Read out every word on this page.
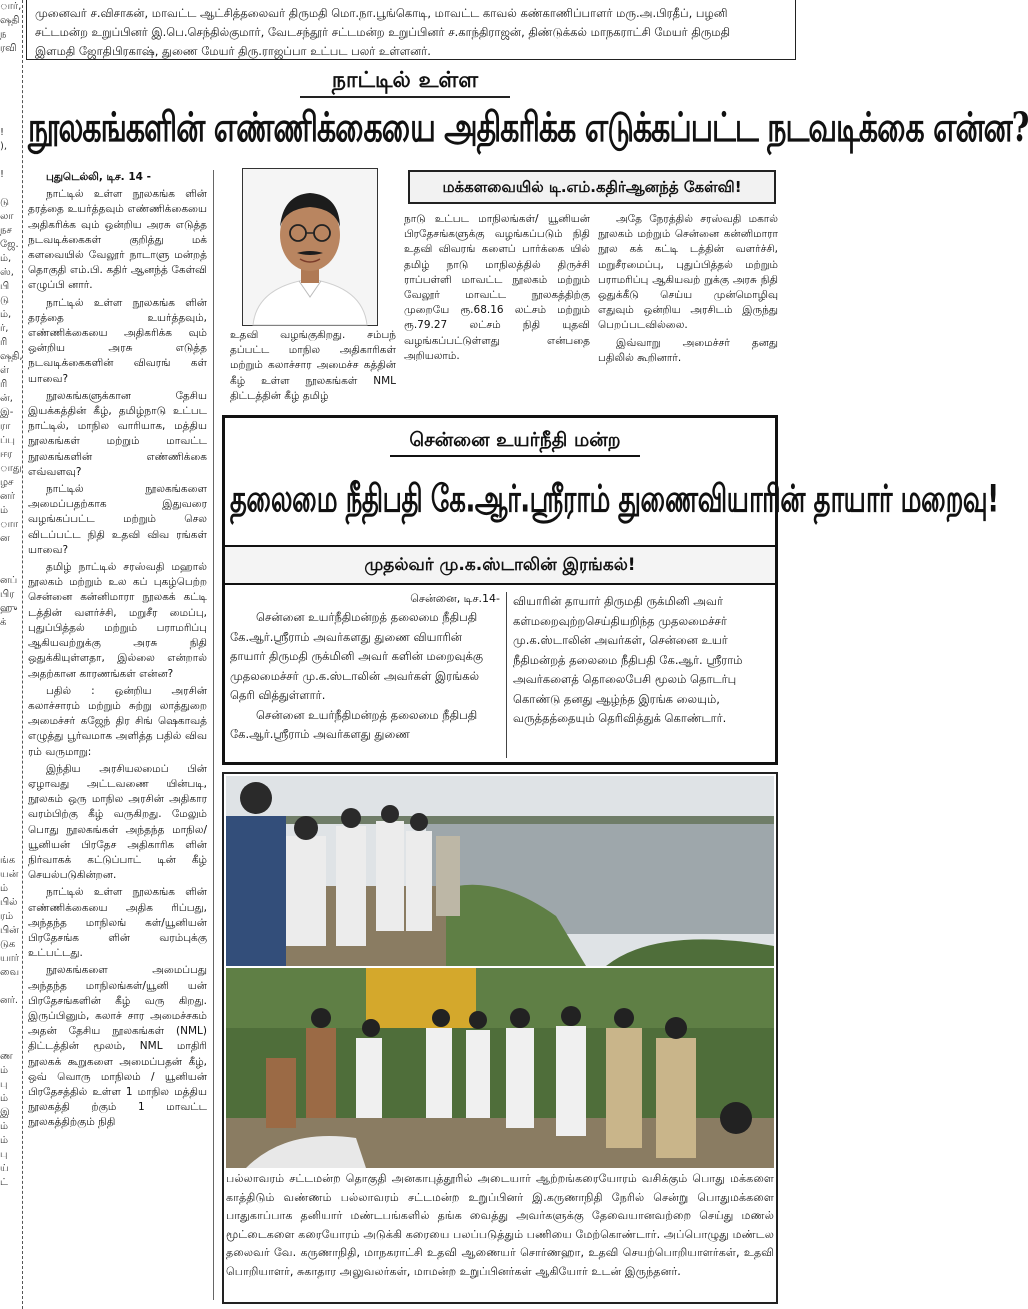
ார்,
ஷதி
ந
ரவி

!
),

!

டு
லா
நச
ஜே.
ம்,
ஸ்,
பி
டு
ம்,
ர்,
ரி
ஷதி,
ள்
ரி
ன்,
இ-
ரா
ப்பு
ஈர
ாது
ழச
னர்
ம்
ாா
ன

னப்
பிர
ஹு
க்

ங்க
யன்
ம்
பில்
ரம்
பின்
டுக
யார்
வை

னர்.

ண
ம்
பு
ம்
இ
ம்
ம்
பு
ய்
ட்
முனைவர் ச.விசாகன், மாவட்ட ஆட்சித்தலைவர் திருமதி மொ.நா.பூங்கொடி, மாவட்ட காவல் கண்காணிப்பாளர் மரு.அ.பிரதீப், பழனி
சட்டமன்ற உறுப்பினர் இ.பெ.செந்தில்குமார், வேடசந்தூர் சட்டமன்ற உறுப்பினர் ச.காந்திராஜன், திண்டுக்கல் மாநகராட்சி மேயர் திருமதி
இளமதி ஜோதிபிரகாஷ், துணை மேயர் திரு.ராஜப்பா உட்பட பலர் உள்ளனர்.
நாட்டில் உள்ள
நூலகங்களின் எண்ணிக்கையை அதிகரிக்க எடுக்கப்பட்ட நடவடிக்கை என்ன?

புதுடெல்லி, டிச. 14 -

நாட்டில் உள்ள நூலகங்க ளின் தரத்தை உயர்த்தவும் எண்ணிக்கையை அதிகரிக்க வும் ஒன்றிய அரசு எடுத்த நடவடிக்கைகள் குறித்து மக் களவையில் வேலூர் நாடாளு மன்றத் தொகுதி எம்.பி. கதிர் ஆனந்த் கேள்வி எழுப்பி னார்.

நாட்டில் உள்ள நூலகங்க ளின் தரத்தை உயர்த்தவும், எண்ணிக்கையை அதிகரிக்க வும் ஒன்றிய அரசு எடுத்த நடவடிக்கைகளின் விவரங் கள் யாவை?

நூலகங்களுக்கான தேசிய இயக்கத்தின் கீழ், தமிழ்நாடு உட்பட நாட்டில், மாநில வாரியாக, மத்திய நூலகங்கள் மற்றும் மாவட்ட நூலகங்களின் எண்ணிக்கை எவ்வளவு?

நாட்டில் நூலகங்களை அமைப்பதற்காக இதுவரை வழங்கப்பட்ட மற்றும் செல விடப்பட்ட நிதி உதவி விவ ரங்கள் யாவை?

தமிழ் நாட்டில் சரஸ்வதி மஹால் நூலகம் மற்றும் உல கப் புகழ்பெற்ற சென்னை கன்னிமாரா நூலகக் கட்டி டத்தின் வளர்ச்சி, மறுசீர மைப்பு, புதுப்பித்தல் மற்றும் பராமரிப்பு ஆகியவற்றுக்கு அரசு நிதி ஒதுக்கியுள்ளதா, இல்லை என்றால் அதற்கான காரணங்கள் என்ன?

பதில் : ஒன்றிய அரசின் கலாச்சாரம் மற்றும் சுற்று லாத்துறை அமைச்சர் கஜேந் திர சிங் ஷெகாவத் எழுத்து பூர்வமாக அளித்த பதில் விவ ரம் வருமாறு:

இந்திய அரசியலமைப் பின் ஏழாவது அட்டவணை யின்படி, நூலகம் ஒரு மாநில அரசின் அதிகார வரம்பிற்கு கீழ் வருகிறது. மேலும் பொது நூலகங்கள் அந்தந்த மாநில/ யூனியன் பிரதேச அதிகாரிக ளின் நிர்வாகக் கட்டுப்பாட் டின் கீழ் செயல்படுகின்றன.

நாட்டில் உள்ள நூலகங்க ளின் எண்ணிக்கையை அதிக ரிப்பது, அந்தந்த மாநிலங் கள்/யூனியன் பிரதேசங்க ளின் வரம்புக்கு உட்பட்டது.

நூலகங்களை அமைப்பது அந்தந்த மாநிலங்கள்/யூனி யன் பிரதேசங்களின் கீழ் வரு கிறது. இருப்பினும், கலாச் சார அமைச்சகம் அதன் தேசிய நூலகங்கள் (NML) திட்டத்தின் மூலம், NML மாதிரி நூலகக் கூறுகளை அமைப்பதன் கீழ், ஒவ் வொரு மாநிலம் / யூனியன் பிரதேசத்தில் உள்ள 1 மாநில மத்திய நூலகத்தி ற்கும் 1 மாவட்ட நூலகத்திற்கும் நிதி

மக்களவையில் டி.எம்.கதிர்ஆனந்த் கேள்வி!

உதவி வழங்குகிறது. சம்பந் தப்பட்ட மாநில அதிகாரிகள் மற்றும் கலாச்சார அமைச்ச கத்தின் கீழ் உள்ள நூலகங்கள் NML திட்டத்தின் கீழ் தமிழ்

நாடு உட்பட மாநிலங்கள்/ யூனியன் பிரதேசங்களுக்கு வழங்கப்படும் நிதி உதவி விவரங் களைப் பார்க்கை யில் தமிழ் நாடு மாநிலத்தில் திருச்சி ராப்பள்ளி மாவட்ட நூலகம் மற்றும் வேலூர் மாவட்ட நூலகத்திற்கு முறையே ரூ.68.16 லட்சம் மற்றும் ரூ.79.27 லட்சம் நிதி யுதவி வழங்கப்பட்டுள்ளது என்பதை அறியலாம்.

அதே நேரத்தில் சரஸ்வதி மகால் நூலகம் மற்றும் சென்னை கன்னிமாரா நூல கக் கட்டி டத்தின் வளர்ச்சி, மறுசீரமைப்பு, புதுப்பித்தல் மற்றும் பராமரிப்பு ஆகியவற் றுக்கு அரசு நிதி ஒதுக்கீடு செய்ய முன்மொழிவு எதுவும் ஒன்றிய அரசிடம் இருந்து பெறப்படவில்லை.

இவ்வாறு அமைச்சர் தனது பதிலில் கூறினார்.

சென்னை உயர்நீதி மன்ற
தலைமை நீதிபதி கே.ஆர்.ஸ்ரீராம் துணைவியாரின் தாயார் மறைவு!
முதல்வர் மு.க.ஸ்டாலின் இரங்கல்!
சென்னை, டிச.14-

சென்னை உயர்நீதிமன்றத் தலைமை நீதிபதி கே.ஆர்.ஸ்ரீராம் அவர்களது துணை வியாரின் தாயார் திருமதி ருக்மினி அவர் களின் மறைவுக்கு முதலமைச்சர் மு.க.ஸ்டாலின் அவர்கள் இரங்கல் தெரி வித்துள்ளார்.

சென்னை உயர்நீதிமன்றத் தலைமை நீதிபதி கே.ஆர்.ஸ்ரீராம் அவர்களது துணை

வியாரின் தாயார் திருமதி ருக்மினி அவர் கள்மறைவுற்றசெய்தியறிந்த முதலமைச்சர் மு.க.ஸ்டாலின் அவர்கள், சென்னை உயர் நீதிமன்றத் தலைமை நீதிபதி கே.ஆர். ஸ்ரீராம் அவர்களைத் தொலைபேசி மூலம் தொடர்பு கொண்டு தனது ஆழ்ந்த இரங்க லையும், வருத்தத்தையும் தெரிவித்துக் கொண்டார்.

பல்லாவரம் சட்டமன்ற தொகுதி அனகாபுத்தூரில் அடையார் ஆற்றங்கரையோரம் வசிக்கும் பொது மக்களை காத்திடும் வண்ணம் பல்லாவரம் சட்டமன்ற உறுப்பினர் இ.கருணாநிதி நேரில் சென்று பொதுமக்களை பாதுகாப்பாக தனியார் மண்டபங்களில் தங்க வைத்து அவர்களுக்கு தேவையானவற்றை செய்து மணல் மூட்டைகளை கரையோரம் அடுக்கி கரையை பலப்படுத்தும் பணியை மேற்கொண்டார். அப்பொழுது மண்டல தலைவர் வே. கருணாநிதி, மாநகராட்சி உதவி ஆணையர் சொர்ணஹா, உதவி செயற்பொறியாளர்கள், உதவி பொறியாளர், சுகாதார அலுவலர்கள், மாமன்ற உறுப்பினர்கள் ஆகியோர் உடன் இருந்தனர்.
